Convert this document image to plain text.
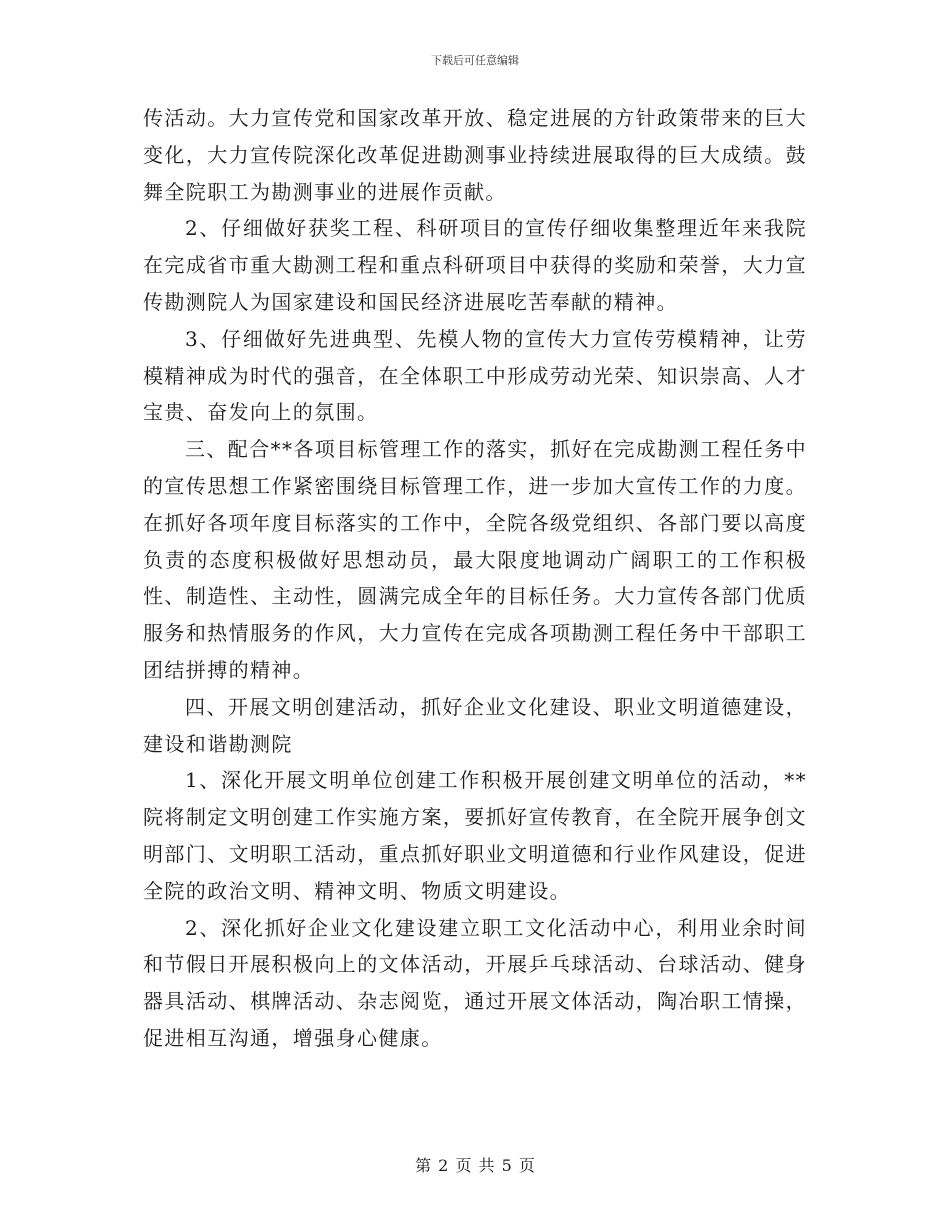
下载后可任意编辑

传活动。大力宣传党和国家改革开放、稳定进展的方针政策带来的巨大变化，大力宣传院深化改革促进勘测事业持续进展取得的巨大成绩。鼓舞全院职工为勘测事业的进展作贡献。

2、仔细做好获奖工程、科研项目的宣传仔细收集整理近年来我院在完成省市重大勘测工程和重点科研项目中获得的奖励和荣誉，大力宣传勘测院人为国家建设和国民经济进展吃苦奉献的精神。

3、仔细做好先进典型、先模人物的宣传大力宣传劳模精神，让劳模精神成为时代的强音，在全体职工中形成劳动光荣、知识崇高、人才宝贵、奋发向上的氛围。

三、配合**各项目标管理工作的落实，抓好在完成勘测工程任务中的宣传思想工作紧密围绕目标管理工作，进一步加大宣传工作的力度。在抓好各项年度目标落实的工作中，全院各级党组织、各部门要以高度负责的态度积极做好思想动员，最大限度地调动广阔职工的工作积极性、制造性、主动性，圆满完成全年的目标任务。大力宣传各部门优质服务和热情服务的作风，大力宣传在完成各项勘测工程任务中干部职工团结拼搏的精神。

四、开展文明创建活动，抓好企业文化建设、职业文明道德建设，建设和谐勘测院

1、深化开展文明单位创建工作积极开展创建文明单位的活动，**院将制定文明创建工作实施方案，要抓好宣传教育，在全院开展争创文明部门、文明职工活动，重点抓好职业文明道德和行业作风建设，促进全院的政治文明、精神文明、物质文明建设。

2、深化抓好企业文化建设建立职工文化活动中心，利用业余时间和节假日开展积极向上的文体活动，开展乒乓球活动、台球活动、健身器具活动、棋牌活动、杂志阅览，通过开展文体活动，陶冶职工情操，促进相互沟通，增强身心健康。

第 2 页 共 5 页
